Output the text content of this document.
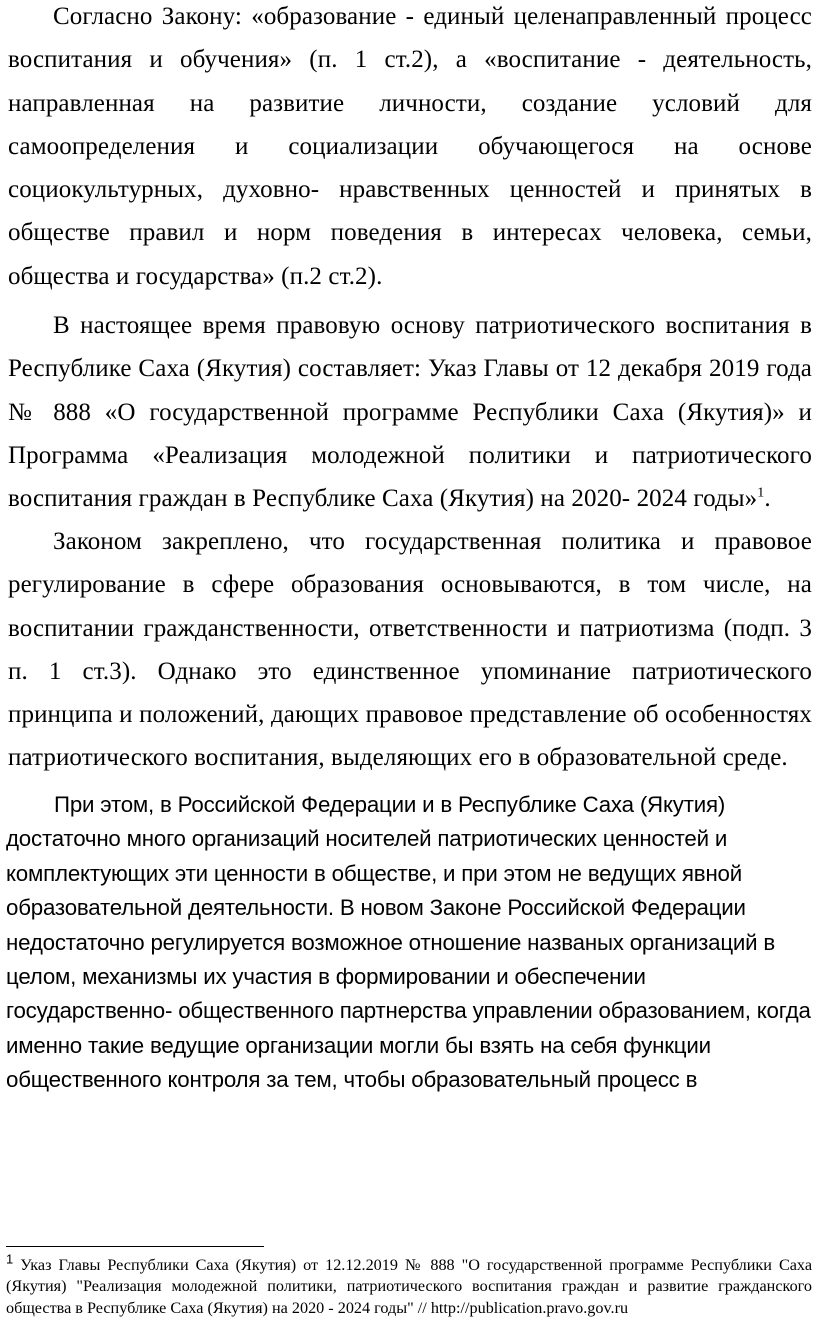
Согласно Закону: «образование - единый целенаправленный процесс воспитания и обучения» (п. 1 ст.2), а «воспитание - деятельность, направленная на развитие личности, создание условий для самоопределения и социализации обучающегося на основе социокультурных, духовно- нравственных ценностей и принятых в обществе правил и норм поведения в интересах человека, семьи, общества и государства» (п.2 ст.2).

В настоящее время правовую основу патриотического воспитания в Республике Саха (Якутия) составляет: Указ Главы от 12 декабря 2019 года № 888 «О государственной программе Республики Саха (Якутия)» и Программа «Реализация молодежной политики и патриотического воспитания граждан в Республике Саха (Якутия) на 2020- 2024 годы»$^1$.

Законом закреплено, что государственная политика и правовое регулирование в сфере образования основываются, в том числе, на воспитании гражданственности, ответственности и патриотизма (подп. 3 п. 1 ст.3). Однако это единственное упоминание патриотического принципа и положений, дающих правовое представление об особенностях патриотического воспитания, выделяющих его в образовательной среде.

При этом, в Российской Федерации и в Республике Саха (Якутия) достаточно много организаций носителей патриотических ценностей и комплектующих эти ценности в обществе, и при этом не ведущих явной образовательной деятельности. В новом Законе Российской Федерации недостаточно регулируется возможное отношение названых организаций в целом, механизмы их участия в формировании и обеспечении государственно- общественного партнерства управлении образованием, когда именно такие ведущие организации могли бы взять на себя функции общественного контроля за тем, чтобы образовательный процесс в

$^1$ Указ Главы Республики Саха (Якутия) от 12.12.2019 № 888 "О государственной программе Республики Саха (Якутия) "Реализация молодежной политики, патриотического воспитания граждан и развитие гражданского общества в Республике Саха (Якутия) на 2020 - 2024 годы" // http://publication.pravo.gov.ru
